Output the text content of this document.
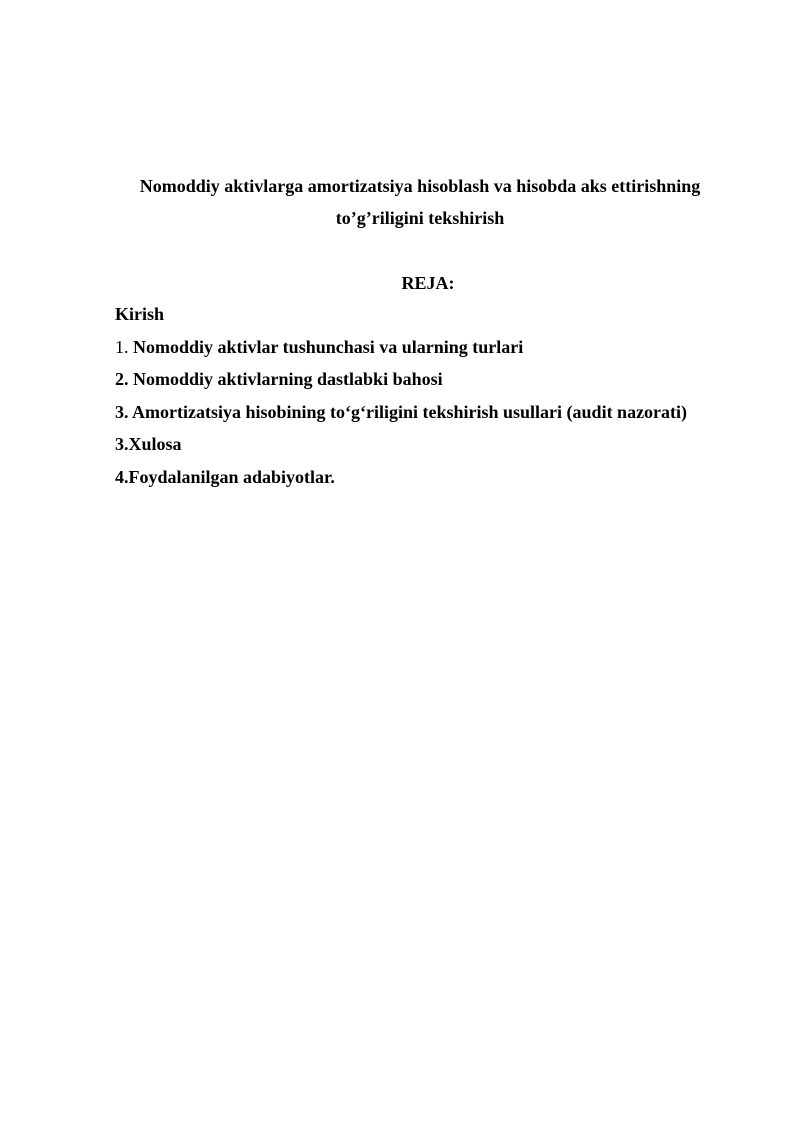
Nomoddiy aktivlarga amortizatsiya hisoblash va hisobda aks ettirishning
to’g’riligini tekshirish
REJA:
Kirish
1. Nomoddiy aktivlar tushunchasi va ularning turlari
2. Nomoddiy aktivlarning dastlabki bahosi
3. Amortizatsiya hisobining to‘g‘riligini tekshirish usullari (audit nazorati)
3.Xulosa
4.Foydalanilgan adabiyotlar.
